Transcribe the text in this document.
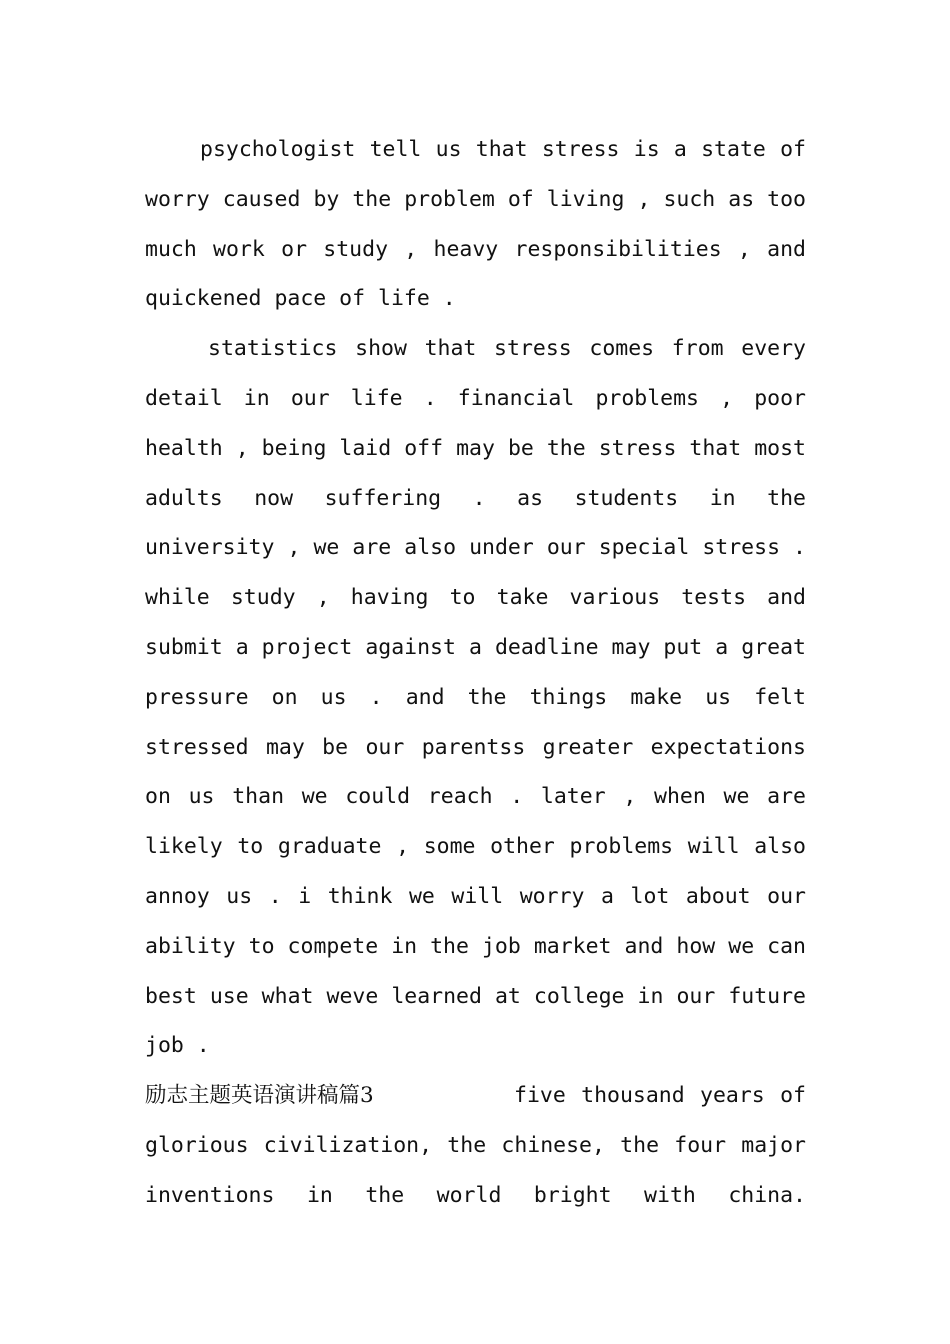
psychologist tell us that stress is a state of
worry caused by the problem of living , such as too
much work or study , heavy responsibilities , and
quickened pace of life .
statistics show that stress comes from every
detail in our life . financial problems , poor
health , being laid off may be the stress that most
adults now suffering . as students in the
university , we are also under our special stress .
while study , having to take various tests and
submit a project against a deadline may put a great
pressure on us . and the things make us felt
stressed may be our parentss greater expectations
on us than we could reach . later , when we are
likely to graduate , some other problems will also
annoy us . i think we will worry a lot about our
ability to compete in the job market and how we can
best use what weve learned at college in our future
job .
励志主题英语演讲稿篇3	five thousand years of
glorious civilization, the chinese, the four major
inventions in the world bright with china.
